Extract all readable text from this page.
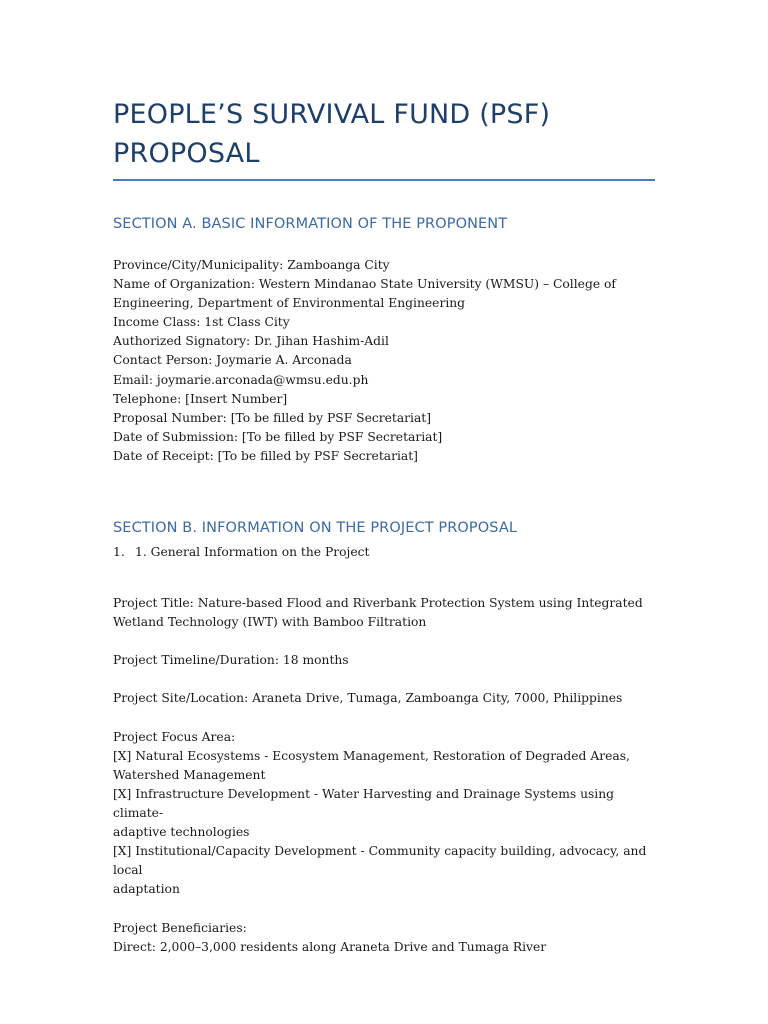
PEOPLE’S SURVIVAL FUND (PSF) PROPOSAL
SECTION A. BASIC INFORMATION OF THE PROPONENT
Province/City/Municipality: Zamboanga City
Name of Organization: Western Mindanao State University (WMSU) – College of
Engineering, Department of Environmental Engineering
Income Class: 1st Class City
Authorized Signatory: Dr. Jihan Hashim-Adil
Contact Person: Joymarie A. Arconada
Email: joymarie.arconada@wmsu.edu.ph
Telephone: [Insert Number]
Proposal Number: [To be filled by PSF Secretariat]
Date of Submission: [To be filled by PSF Secretariat]
Date of Receipt: [To be filled by PSF Secretariat]
SECTION B. INFORMATION ON THE PROJECT PROPOSAL
1. 1. General Information on the Project
Project Title: Nature-based Flood and Riverbank Protection System using Integrated
Wetland Technology (IWT) with Bamboo Filtration
Project Timeline/Duration: 18 months
Project Site/Location: Araneta Drive, Tumaga, Zamboanga City, 7000, Philippines
Project Focus Area:
[X] Natural Ecosystems - Ecosystem Management, Restoration of Degraded Areas,
Watershed Management
[X] Infrastructure Development - Water Harvesting and Drainage Systems using climate-
adaptive technologies
[X] Institutional/Capacity Development - Community capacity building, advocacy, and local
adaptation
Project Beneficiaries:
Direct: 2,000–3,000 residents along Araneta Drive and Tumaga River
